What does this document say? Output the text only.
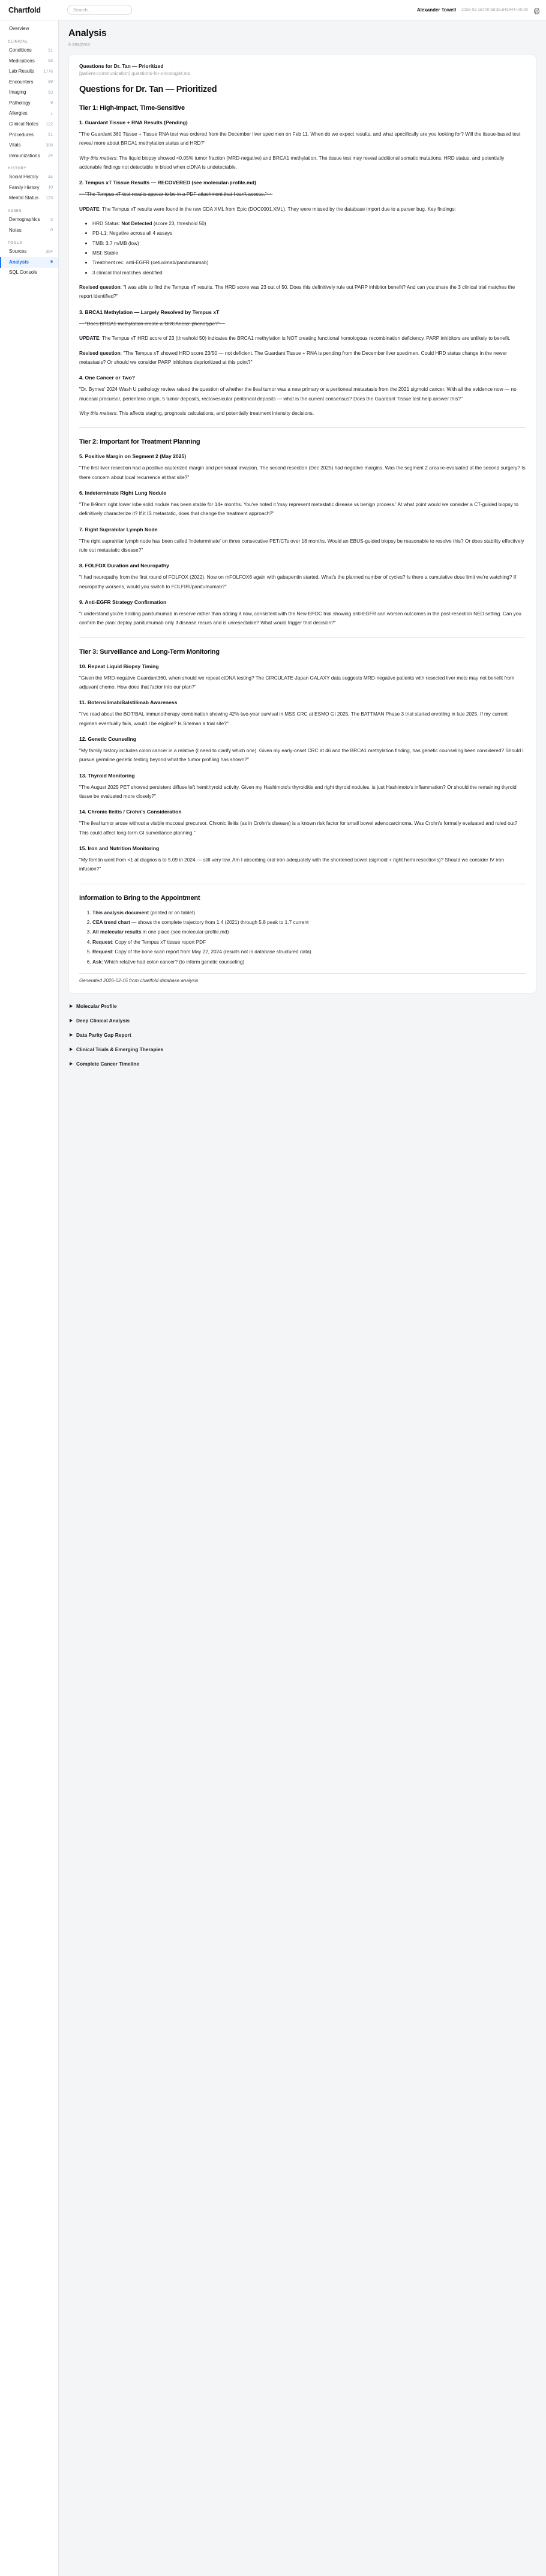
Chartfold
Search...	Alexander Towell 2026-02-16T00:38:38.643944+00:00
Overview
CLINICAL
Conditions	51
Medications	93
Lab Results 1776
Encounters	99
Imaging	53
Pathology	9
Allergies	1
Clinical Notes 122
Procedures	51
Vitals	306
Immunizations 24
HISTORY
Social History 44
Family History 10
Mental Status 123
ADMIN
Demographics	3
Notes	0
TOOLS
Sources	384
Analysis	6
SQL Console
Analysis
6 analyses
Questions for Dr. Tan — Prioritized
[patient-communication] questions-for-oncologist.md
Questions for Dr. Tan — Prioritized
Tier 1: High-Impact, Time-Sensitive
1. Guardant Tissue + RNA Results (Pending)

"The Guardant 360 Tissue + Tissue RNA test was ordered from the December liver specimen on Feb 11. When do we expect results, and what specifically are you looking for? Will the tissue-based test reveal more about BRCA1 methylation status and HRD?"

Why this matters: The liquid biopsy showed <0.05% tumor fraction (MRD-negative) and BRCA1 methylation. The tissue test may reveal additional somatic mutations, HRD status, and potentially actionable findings not detectable in blood when ctDNA is undetectable.

2. Tempus xT Tissue Results — RECOVERED (see molecular-profile.md)

~~"The Tempus xT test results appear to be in a PDF attachment that I can't access."~~

UPDATE: The Tempus xT results were found in the raw CDA XML from Epic (DOC0001.XML). They were missed by the database import due to a parser bug. Key findings:

• HRD Status: Not Detected (score 23, threshold 50)
• PD-L1: Negative across all 4 assays
• TMB: 3.7 m/MB (low)
• MSI: Stable
• Treatment rec: anti-EGFR (cetuximab/panitumumab)
• 3 clinical trial matches identified

Revised question: "I was able to find the Tempus xT results. The HRD score was 23 out of 50. Does this definitively rule out PARP inhibitor benefit? And can you share the 3 clinical trial matches the report identified?"

3. BRCA1 Methylation — Largely Resolved by Tempus xT

~~"Does BRCA1 methylation create a 'BRCAness' phenotype?"~~

UPDATE: The Tempus xT HRD score of 23 (threshold 50) indicates the BRCA1 methylation is NOT creating functional homologous recombination deficiency. PARP inhibitors are unlikely to benefit.

Revised question: "The Tempus xT showed HRD score 23/50 — not deficient. The Guardant Tissue + RNA is pending from the December liver specimen. Could HRD status change in the newer metastasis? Or should we consider PARP inhibitors deprioritized at this point?"

4. One Cancer or Two?

"Dr. Byrnes' 2024 Wash U pathology review raised the question of whether the ileal tumor was a new primary or a peritoneal metastasis from the 2021 sigmoid cancer. With all the evidence now — no mucosal precursor, perienteric origin, 5 tumor deposits, rectovesicular peritoneal deposits — what is the current consensus? Does the Guardant Tissue test help answer this?"

Why this matters: This affects staging, prognosis calculations, and potentially treatment intensity decisions.

Tier 2: Important for Treatment Planning
5. Positive Margin on Segment 2 (May 2025)

"The first liver resection had a positive cauterized margin and perineural invasion. The second resection (Dec 2025) had negative margins. Was the segment 2 area re-evaluated at the second surgery? Is there concern about local recurrence at that site?"

6. Indeterminate Right Lung Nodule

"The 8-9mm right lower lobe solid nodule has been stable for 14+ months. You've noted it 'may represent metastatic disease vs benign process.' At what point would we consider a CT-guided biopsy to definitively characterize it? If it IS metastatic, does that change the treatment approach?"

7. Right Suprahilar Lymph Node

"The right suprahilar lymph node has been called 'indeterminate' on three consecutive PET/CTs over 18 months. Would an EBUS-guided biopsy be reasonable to resolve this? Or does stability effectively rule out metastatic disease?"

8. FOLFOX Duration and Neuropathy

"I had neuropathy from the first round of FOLFOX (2022). Now on mFOLFOX6 again with gabapentin started. What's the planned number of cycles? Is there a cumulative dose limit we're watching? If neuropathy worsens, would you switch to FOLFIRI/panitumumab?"

9. Anti-EGFR Strategy Confirmation

"I understand you're holding panitumumab in reserve rather than adding it now, consistent with the New EPOC trial showing anti-EGFR can worsen outcomes in the post-resection NED setting. Can you confirm the plan: deploy panitumumab only if disease recurs and is unresectable? What would trigger that decision?"

Tier 3: Surveillance and Long-Term Monitoring
10. Repeat Liquid Biopsy Timing

"Given the MRD-negative Guardant360, when should we repeat ctDNA testing? The CIRCULATE-Japan GALAXY data suggests MRD-negative patients with resected liver mets may not benefit from adjuvant chemo. How does that factor into our plan?"

11. Botensilimab/Balstilimab Awareness

"I've read about the BOT/BAL immunotherapy combination showing 42% two-year survival in MSS CRC at ESMO GI 2025. The BATTMAN Phase 3 trial started enrolling in late 2025. If my current regimen eventually fails, would I be eligible? Is Siteman a trial site?"

12. Genetic Counseling

"My family history includes colon cancer in a relative (I need to clarify which one). Given my early-onset CRC at 46 and the BRCA1 methylation finding, has genetic counseling been considered? Should I pursue germline genetic testing beyond what the tumor profiling has shown?"

13. Thyroid Monitoring

"The August 2025 PET showed persistent diffuse left hemithyroid activity. Given my Hashimoto's thyroiditis and right thyroid nodules, is just Hashimoto's inflammation? Or should the remaining thyroid tissue be evaluated more closely?"

14. Chronic Ileitis / Crohn's Consideration

"The ileal tumor arose without a visible mucosal precursor. Chronic ileitis (as in Crohn's disease) is a known risk factor for small bowel adenocarcinoma. Was Crohn's formally evaluated and ruled out? This could affect long-term GI surveillance planning."

15. Iron and Nutrition Monitoring

"My ferritin went from <1 at diagnosis to 5.09 in 2024 — still very low. Am I absorbing oral iron adequately with the shortened bowel (sigmoid + right hemi resections)? Should we consider IV iron infusion?"

Information to Bring to the Appointment
1. This analysis document (printed or on tablet)
2. CEA trend chart — shows the complete trajectory from 1.4 (2021) through 5.8 peak to 1.7 current
3. All molecular results in one place (see molecular-profile.md)
4. Request: Copy of the Tempus xT tissue report PDF
5. Request: Copy of the bone scan report from May 22, 2024 (results not in database structured data)
6. Ask: Which relative had colon cancer? (to inform genetic counseling)

Generated 2026-02-15 from chartfold database analysis

Molecular Profile
Deep Clinical Analysis
Data Parity Gap Report
Clinical Trials & Emerging Therapies
Complete Cancer Timeline
